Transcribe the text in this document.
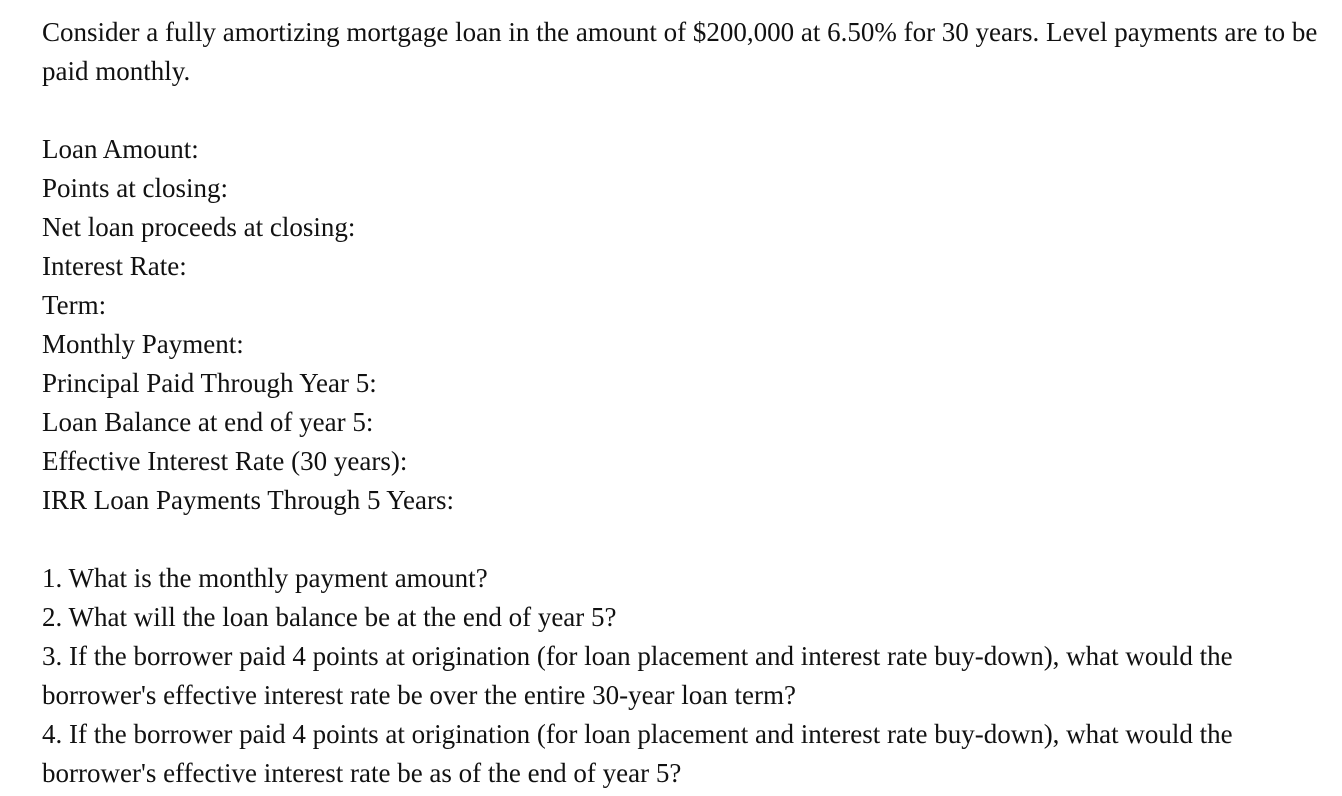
Consider a fully amortizing mortgage loan in the amount of $200,000 at 6.50% for 30 years. Level payments are to be paid monthly.

Loan Amount:
Points at closing:
Net loan proceeds at closing:
Interest Rate:
Term:
Monthly Payment:
Principal Paid Through Year 5:
Loan Balance at end of year 5:
Effective Interest Rate (30 years):
IRR Loan Payments Through 5 Years:
1. What is the monthly payment amount?
2. What will the loan balance be at the end of year 5?
3. If the borrower paid 4 points at origination (for loan placement and interest rate buy-down), what would the borrower's effective interest rate be over the entire 30-year loan term?
4. If the borrower paid 4 points at origination (for loan placement and interest rate buy-down), what would the borrower's effective interest rate be as of the end of year 5?
